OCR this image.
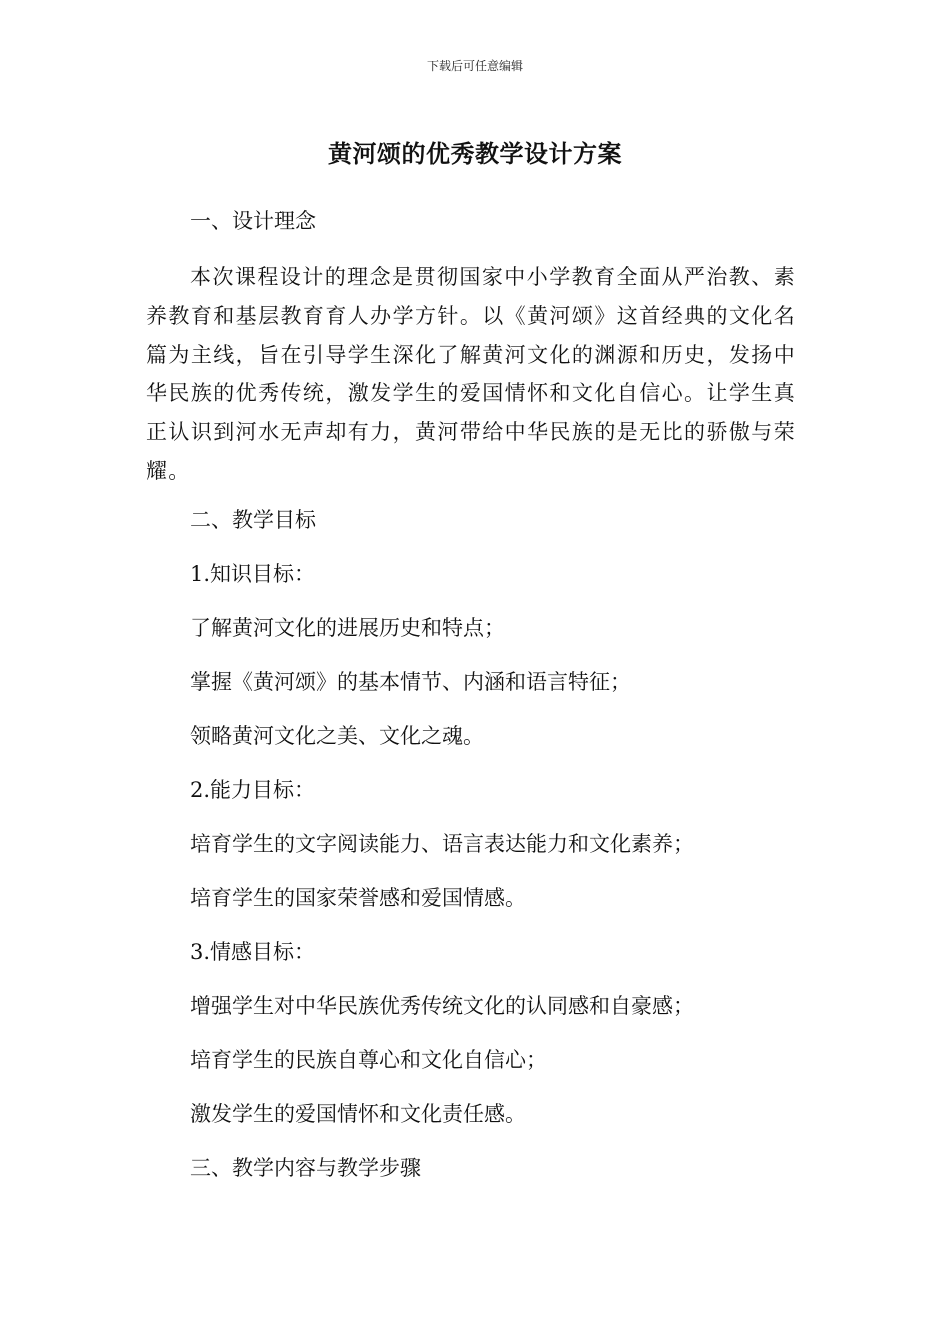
下载后可任意编辑
黄河颂的优秀教学设计方案
一、设计理念
本次课程设计的理念是贯彻国家中小学教育全面从严治教、素养教育和基层教育育人办学方针。以《黄河颂》这首经典的文化名篇为主线，旨在引导学生深化了解黄河文化的渊源和历史，发扬中华民族的优秀传统，激发学生的爱国情怀和文化自信心。让学生真正认识到河水无声却有力，黄河带给中华民族的是无比的骄傲与荣耀。
二、教学目标
1.知识目标：
了解黄河文化的进展历史和特点；
掌握《黄河颂》的基本情节、内涵和语言特征；
领略黄河文化之美、文化之魂。
2.能力目标：
培育学生的文字阅读能力、语言表达能力和文化素养；
培育学生的国家荣誉感和爱国情感。
3.情感目标：
增强学生对中华民族优秀传统文化的认同感和自豪感；
培育学生的民族自尊心和文化自信心；
激发学生的爱国情怀和文化责任感。
三、教学内容与教学步骤
